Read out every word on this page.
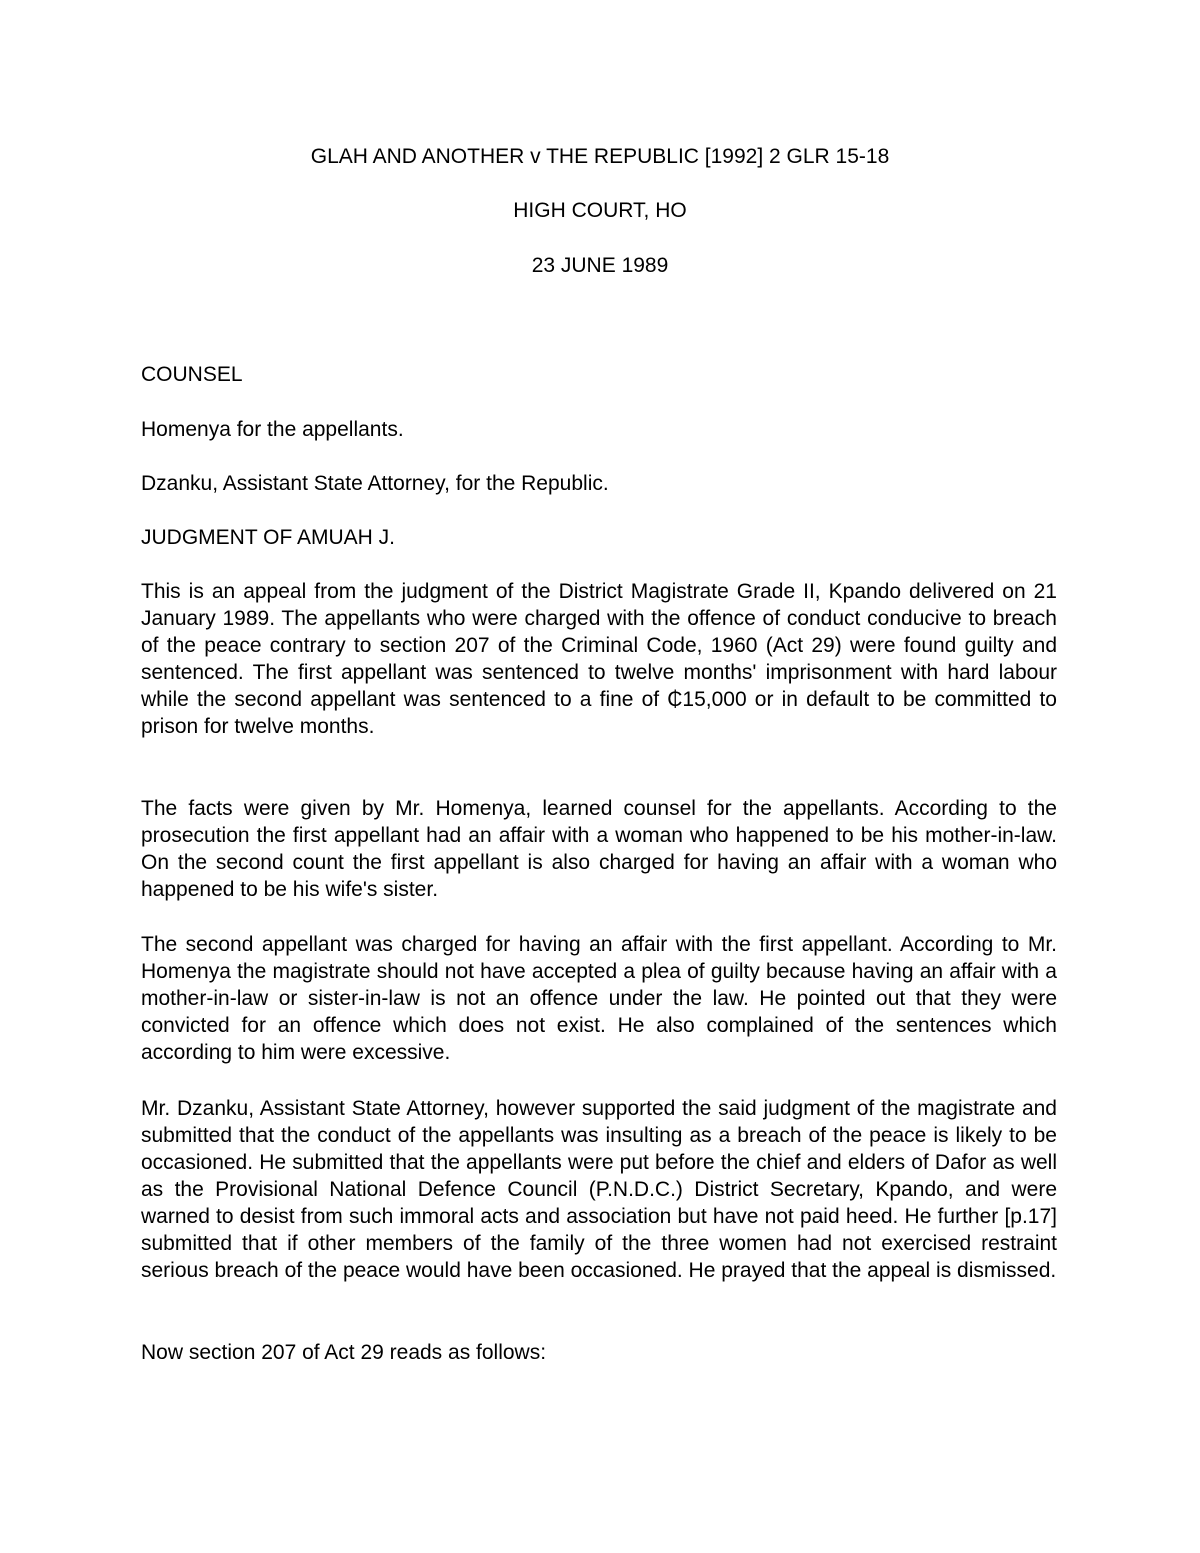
GLAH AND ANOTHER v THE REPUBLIC [1992] 2 GLR 15-18

HIGH COURT, HO

23 JUNE 1989

COUNSEL

Homenya for the appellants.

Dzanku, Assistant State Attorney, for the Republic.

JUDGMENT OF AMUAH J.

This is an appeal from the judgment of the District Magistrate Grade II, Kpando delivered on 21 January 1989. The appellants who were charged with the offence of conduct conducive to breach of the peace contrary to section 207 of the Criminal Code, 1960 (Act 29) were found guilty and sentenced. The first appellant was sentenced to twelve months' imprisonment with hard labour while the second appellant was sentenced to a fine of ₵15,000 or in default to be committed to prison for twelve months.

The facts were given by Mr. Homenya, learned counsel for the appellants. According to the prosecution the first appellant had an affair with a woman who happened to be his mother-in-law. On the second count the first appellant is also charged for having an affair with a woman who happened to be his wife's sister.

The second appellant was charged for having an affair with the first appellant. According to Mr. Homenya the magistrate should not have accepted a plea of guilty because having an affair with a mother-in-law or sister-in-law is not an offence under the law. He pointed out that they were convicted for an offence which does not exist. He also complained of the sentences which according to him were excessive.

Mr. Dzanku, Assistant State Attorney, however supported the said judgment of the magistrate and submitted that the conduct of the appellants was insulting as a breach of the peace is likely to be occasioned. He submitted that the appellants were put before the chief and elders of Dafor as well as the Provisional National Defence Council (P.N.D.C.) District Secretary, Kpando, and were warned to desist from such immoral acts and association but have not paid heed. He further [p.17] submitted that if other members of the family of the three women had not exercised restraint serious breach of the peace would have been occasioned. He prayed that the appeal is dismissed.

Now section 207 of Act 29 reads as follows:
